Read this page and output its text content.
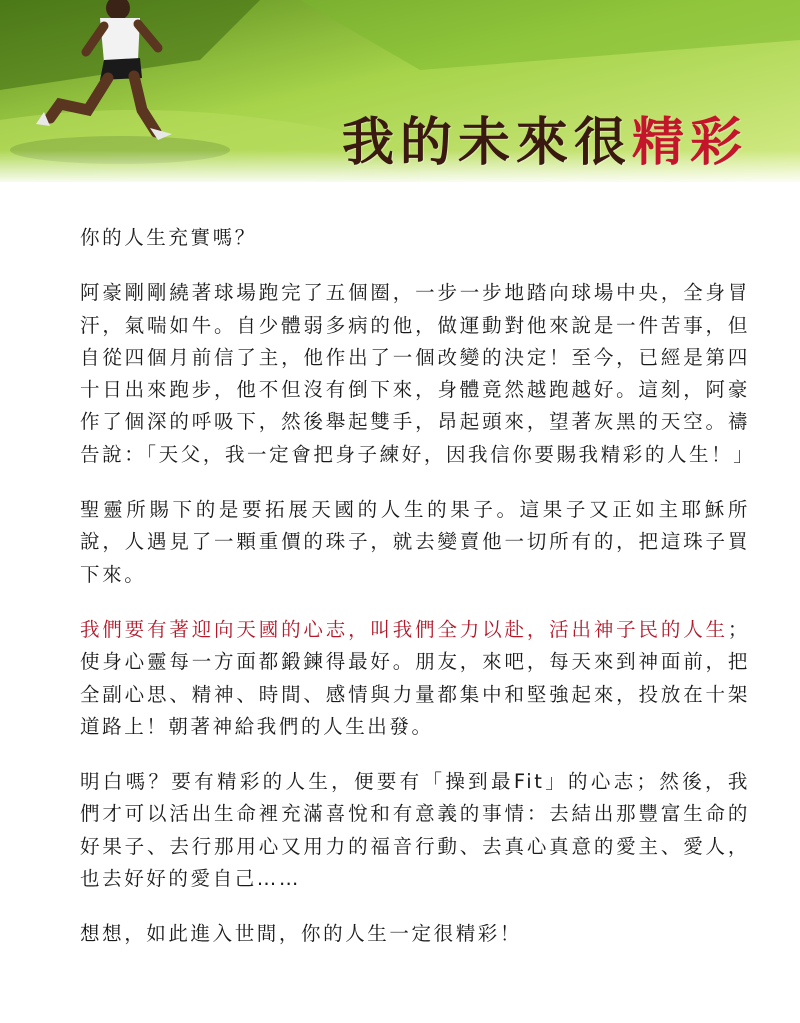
我的未來很精彩

你的人生充實嗎？

阿豪剛剛繞著球場跑完了五個圈，一步一步地踏向球場中央，全身冒汗，氣喘如牛。自少體弱多病的他，做運動對他來說是一件苦事，但自從四個月前信了主，他作出了一個改變的決定！至今，已經是第四十日出來跑步，他不但沒有倒下來，身體竟然越跑越好。這刻，阿豪作了個深的呼吸下，然後舉起雙手，昂起頭來，望著灰黑的天空。禱告說：「天父，我一定會把身子練好，因我信你要賜我精彩的人生！」

聖靈所賜下的是要拓展天國的人生的果子。這果子又正如主耶穌所說，人遇見了一顆重價的珠子，就去變賣他一切所有的，把這珠子買下來。

我們要有著迎向天國的心志，叫我們全力以赴，活出神子民的人生；使身心靈每一方面都鍛鍊得最好。朋友，來吧，每天來到神面前，把全副心思、精神、時間、感情與力量都集中和堅強起來，投放在十架道路上！朝著神給我們的人生出發。

明白嗎？要有精彩的人生，便要有「操到最Fit」的心志；然後，我們才可以活出生命裡充滿喜悅和有意義的事情：去結出那豐富生命的好果子、去行那用心又用力的福音行動、去真心真意的愛主、愛人，也去好好的愛自己……

想想，如此進入世間，你的人生一定很精彩！
